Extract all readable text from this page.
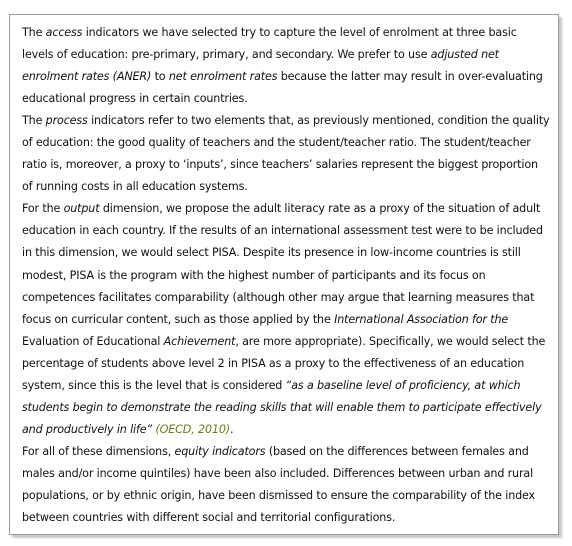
The access indicators we have selected try to capture the level of enrolment at three basic levels of education: pre-primary, primary, and secondary. We prefer to use adjusted net enrolment rates (ANER) to net enrolment rates because the latter may result in over-evaluating educational progress in certain countries.

The process indicators refer to two elements that, as previously mentioned, condition the quality of education: the good quality of teachers and the student/teacher ratio. The student/teacher ratio is, moreover, a proxy to ‘inputs’, since teachers’ salaries represent the biggest proportion of running costs in all education systems.

For the output dimension, we propose the adult literacy rate as a proxy of the situation of adult education in each country. If the results of an international assessment test were to be included in this dimension, we would select PISA. Despite its presence in low-income countries is still modest, PISA is the program with the highest number of participants and its focus on competences facilitates comparability (although other may argue that learning measures that focus on curricular content, such as those applied by the International Association for the Evaluation of Educational Achievement, are more appropriate). Specifically, we would select the percentage of students above level 2 in PISA as a proxy to the effectiveness of an education system, since this is the level that is considered “as a baseline level of proficiency, at which students begin to demonstrate the reading skills that will enable them to participate effectively and productively in life” (OECD, 2010).

For all of these dimensions, equity indicators (based on the differences between females and males and/or income quintiles) have been also included. Differences between urban and rural populations, or by ethnic origin, have been dismissed to ensure the comparability of the index between countries with different social and territorial configurations.
